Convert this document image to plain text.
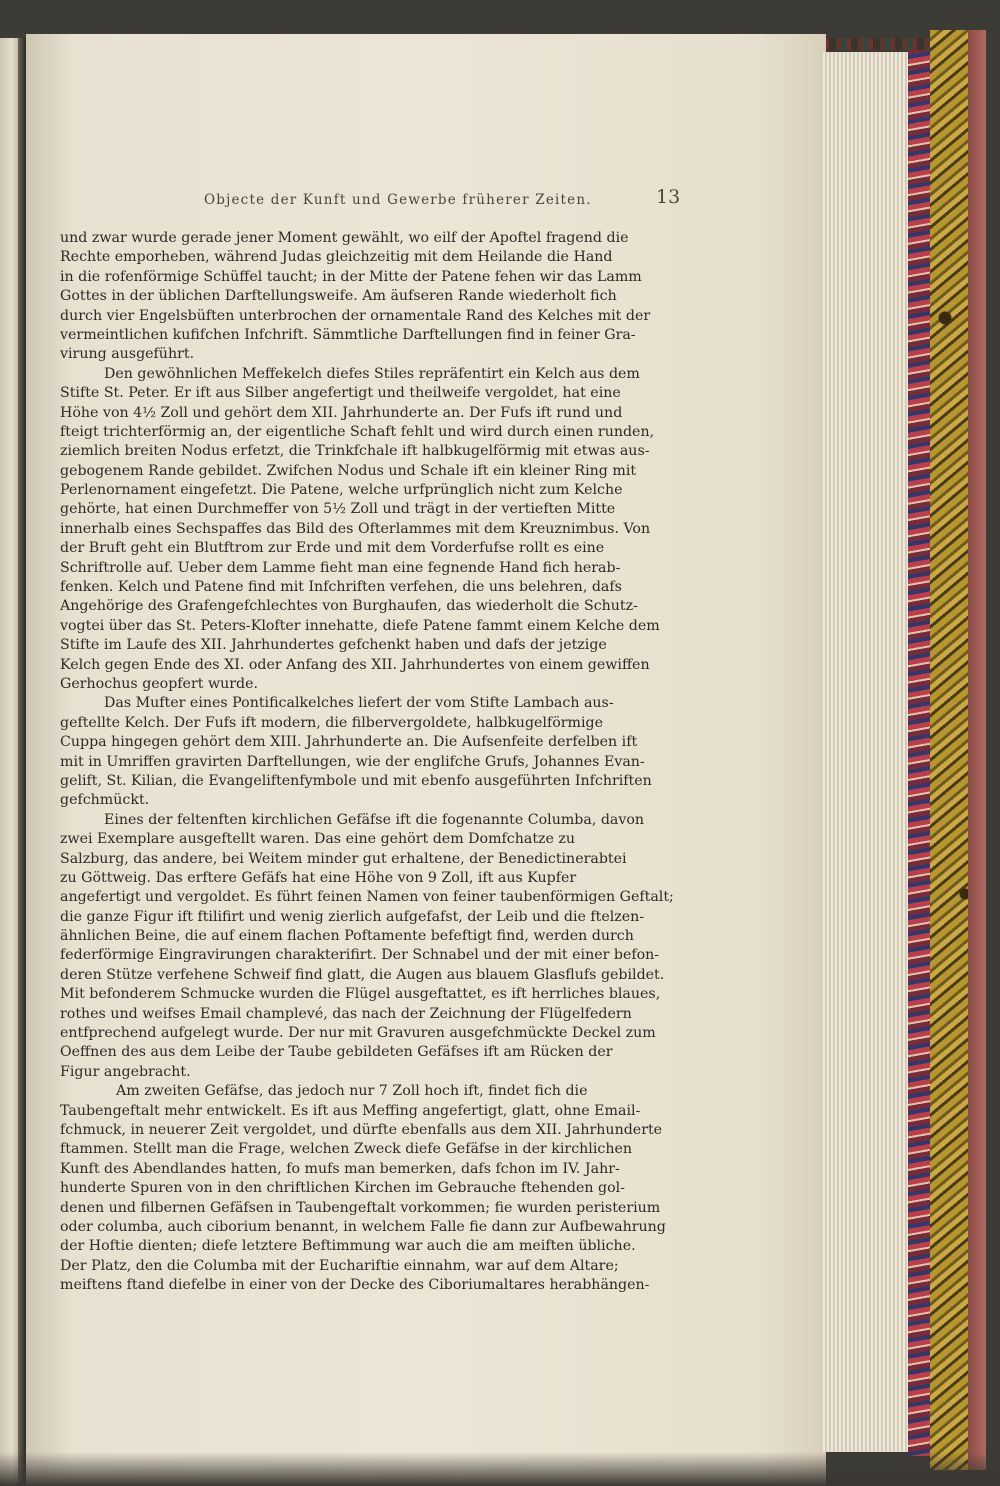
Objecte der Kunft und Gewerbe früherer Zeiten.	13
und zwar wurde gerade jener Moment gewählt, wo eilf der Apoftel fragend die
Rechte emporheben, während Judas gleichzeitig mit dem Heilande die Hand
in die rofenförmige Schüffel taucht; in der Mitte der Patene fehen wir das Lamm
Gottes in der üblichen Darftellungsweife. Am äufseren Rande wiederholt fich
durch vier Engelsbüften unterbrochen der ornamentale Rand des Kelches mit der
vermeintlichen kufifchen Infchrift. Sämmtliche Darftellungen find in feiner Gra-
virung ausgeführt.
Den gewöhnlichen Meffekelch diefes Stiles repräfentirt ein Kelch aus dem
Stifte St. Peter. Er ift aus Silber angefertigt und theilweife vergoldet, hat eine
Höhe von 4½ Zoll und gehört dem XII. Jahrhunderte an. Der Fufs ift rund und
fteigt trichterförmig an, der eigentliche Schaft fehlt und wird durch einen runden,
ziemlich breiten Nodus erfetzt, die Trinkfchale ift halbkugelförmig mit etwas aus-
gebogenem Rande gebildet. Zwifchen Nodus und Schale ift ein kleiner Ring mit
Perlenornament eingefetzt. Die Patene, welche urfprünglich nicht zum Kelche
gehörte, hat einen Durchmeffer von 5½ Zoll und trägt in der vertieften Mitte
innerhalb eines Sechspaffes das Bild des Ofterlammes mit dem Kreuznimbus. Von
der Bruft geht ein Blutftrom zur Erde und mit dem Vorderfufse rollt es eine
Schriftrolle auf. Ueber dem Lamme fieht man eine fegnende Hand fich herab-
fenken. Kelch und Patene find mit Infchriften verfehen, die uns belehren, dafs
Angehörige des Grafengefchlechtes von Burghaufen, das wiederholt die Schutz-
vogtei über das St. Peters-Klofter innehatte, diefe Patene fammt einem Kelche dem
Stifte im Laufe des XII. Jahrhundertes gefchenkt haben und dafs der jetzige
Kelch gegen Ende des XI. oder Anfang des XII. Jahrhundertes von einem gewiffen
Gerhochus geopfert wurde.
Das Mufter eines Pontificalkelches liefert der vom Stifte Lambach aus-
geftellte Kelch. Der Fufs ift modern, die filbervergoldete, halbkugelförmige
Cuppa hingegen gehört dem XIII. Jahrhunderte an. Die Aufsenfeite derfelben ift
mit in Umriffen gravirten Darftellungen, wie der englifche Grufs, Johannes Evan-
gelift, St. Kilian, die Evangeliftenfymbole und mit ebenfo ausgeführten Infchriften
gefchmückt.
Eines der feltenften kirchlichen Gefäfse ift die fogenannte Columba, davon
zwei Exemplare ausgeftellt waren. Das eine gehört dem Domfchatze zu
Salzburg, das andere, bei Weitem minder gut erhaltene, der Benedictinerabtei
zu Göttweig. Das erftere Gefäfs hat eine Höhe von 9 Zoll, ift aus Kupfer
angefertigt und vergoldet. Es führt feinen Namen von feiner taubenförmigen Geftalt;
die ganze Figur ift ftilifirt und wenig zierlich aufgefafst, der Leib und die ftelzen-
ähnlichen Beine, die auf einem flachen Poftamente befeftigt find, werden durch
federförmige Eingravirungen charakterifirt. Der Schnabel und der mit einer befon-
deren Stütze verfehene Schweif find glatt, die Augen aus blauem Glasflufs gebildet.
Mit befonderem Schmucke wurden die Flügel ausgeftattet, es ift herrliches blaues,
rothes und weifses Email champlevé, das nach der Zeichnung der Flügelfedern
entfprechend aufgelegt wurde. Der nur mit Gravuren ausgefchmückte Deckel zum
Oeffnen des aus dem Leibe der Taube gebildeten Gefäfses ift am Rücken der
Figur angebracht.
Am zweiten Gefäfse, das jedoch nur 7 Zoll hoch ift, findet fich die
Taubengeftalt mehr entwickelt. Es ift aus Meffing angefertigt, glatt, ohne Email-
fchmuck, in neuerer Zeit vergoldet, und dürfte ebenfalls aus dem XII. Jahrhunderte
ftammen. Stellt man die Frage, welchen Zweck diefe Gefäfse in der kirchlichen
Kunft des Abendlandes hatten, fo mufs man bemerken, dafs fchon im IV. Jahr-
hunderte Spuren von in den chriftlichen Kirchen im Gebrauche ftehenden gol-
denen und filbernen Gefäfsen in Taubengeftalt vorkommen; fie wurden peristerium
oder columba, auch ciborium benannt, in welchem Falle fie dann zur Aufbewahrung
der Hoftie dienten; diefe letztere Beftimmung war auch die am meiften übliche.
Der Platz, den die Columba mit der Euchariftie einnahm, war auf dem Altare;
meiftens ftand diefelbe in einer von der Decke des Ciboriumaltares herabhängen-
